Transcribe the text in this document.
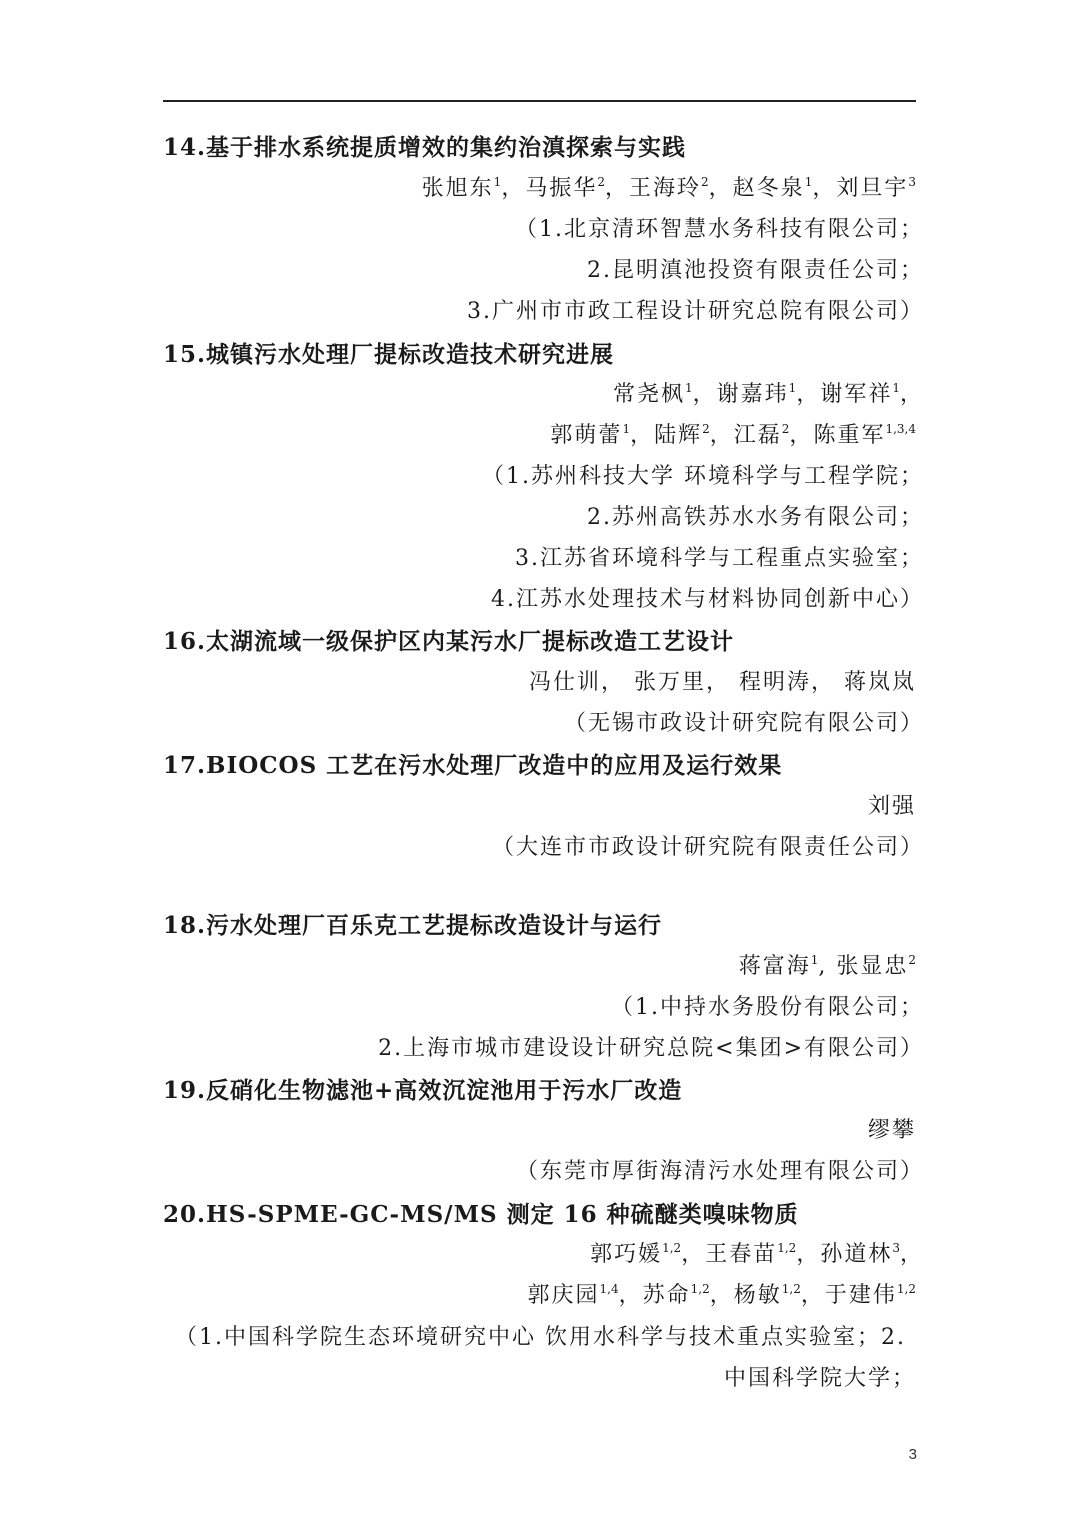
14.基于排水系统提质增效的集约治滇探索与实践
张旭东$^1$，马振华$^2$，王海玲$^2$，赵冬泉$^1$，刘旦宇$^3$
（1.北京清环智慧水务科技有限公司；
2.昆明滇池投资有限责任公司；
3.广州市市政工程设计研究总院有限公司）
15.城镇污水处理厂提标改造技术研究进展
常尧枫$^1$，谢嘉玮$^1$，谢军祥$^1$，
郭萌蕾$^1$，陆辉$^2$，江磊$^2$，陈重军$^{1,3,4}$
（1.苏州科技大学 环境科学与工程学院；
2.苏州高铁苏水水务有限公司；
3.江苏省环境科学与工程重点实验室；
4.江苏水处理技术与材料协同创新中心）
16.太湖流域一级保护区内某污水厂提标改造工艺设计
冯仕训， 张万里， 程明涛， 蒋岚岚
（无锡市政设计研究院有限公司）
17.BIOCOS 工艺在污水处理厂改造中的应用及运行效果
刘强
（大连市市政设计研究院有限责任公司）
18.污水处理厂百乐克工艺提标改造设计与运行
蒋富海$^1$, 张显忠$^2$
（1.中持水务股份有限公司；
2.上海市城市建设设计研究总院<集团>有限公司）
19.反硝化生物滤池+高效沉淀池用于污水厂改造
缪攀
（东莞市厚街海清污水处理有限公司）
20.HS-SPME-GC-MS/MS 测定 16 种硫醚类嗅味物质
郭巧媛$^{1,2}$，王春苗$^{1,2}$，孙道林$^3$，
郭庆园$^{1,4}$，苏命$^{1,2}$，杨敏$^{1,2}$，于建伟$^{1,2}$
（1.中国科学院生态环境研究中心 饮用水科学与技术重点实验室；2.
中国科学院大学；
3
